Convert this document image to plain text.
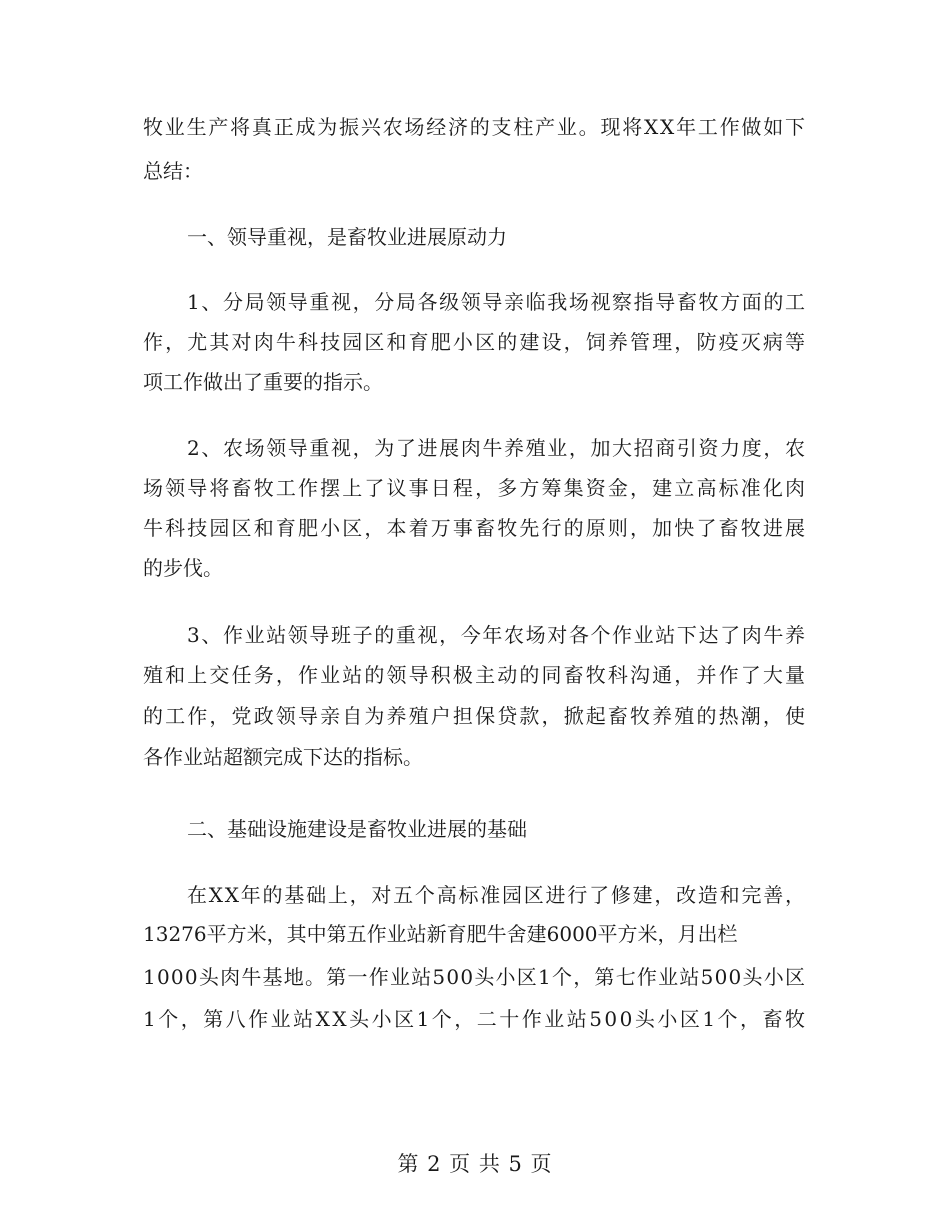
牧业生产将真正成为振兴农场经济的支柱产业。现将XX年工作做如下
总结：
一、领导重视，是畜牧业进展原动力
1、分局领导重视，分局各级领导亲临我场视察指导畜牧方面的工
作，尤其对肉牛科技园区和育肥小区的建设，饲养管理，防疫灭病等
项工作做出了重要的指示。
2、农场领导重视，为了进展肉牛养殖业，加大招商引资力度，农
场领导将畜牧工作摆上了议事日程，多方筹集资金，建立高标准化肉
牛科技园区和育肥小区，本着万事畜牧先行的原则，加快了畜牧进展
的步伐。
3、作业站领导班子的重视，今年农场对各个作业站下达了肉牛养
殖和上交任务，作业站的领导积极主动的同畜牧科沟通，并作了大量
的工作，党政领导亲自为养殖户担保贷款，掀起畜牧养殖的热潮，使
各作业站超额完成下达的指标。
二、基础设施建设是畜牧业进展的基础
在XX年的基础上，对五个高标准园区进行了修建，改造和完善，
13276平方米，其中第五作业站新育肥牛舍建6000平方米，月出栏
1000头肉牛基地。第一作业站500头小区1个，第七作业站500头小区
1个，第八作业站XX头小区1个，二十作业站500头小区1个，畜牧
第 2 页 共 5 页
